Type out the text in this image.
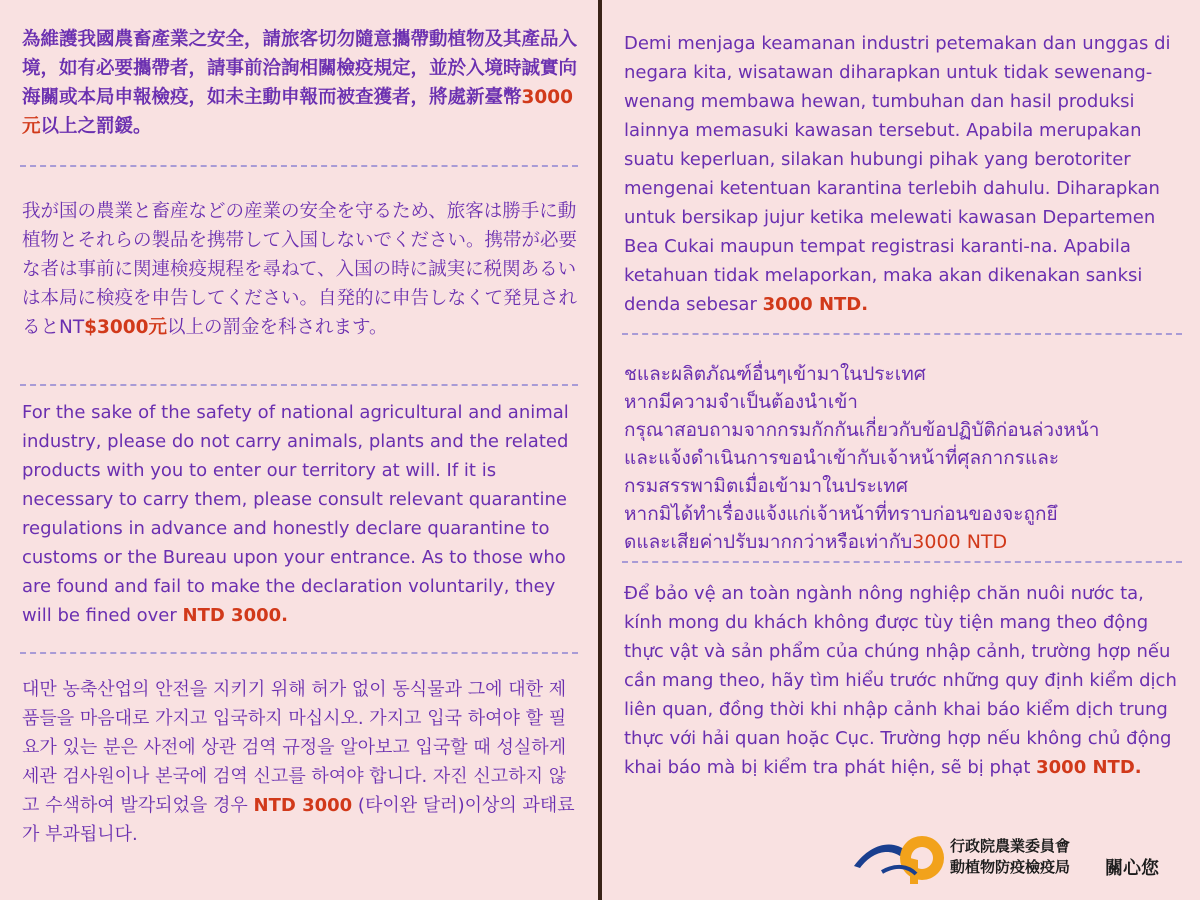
為維護我國農畜產業之安全，請旅客切勿隨意攜帶動植物及其產品入境，如有必要攜帶者，請事前洽詢相關檢疫規定，並於入境時誠實向海關或本局申報檢疫，如未主動申報而被查獲者，將處新臺幣3000元以上之罰鍰。

我が国の農業と畜産などの産業の安全を守るため、旅客は勝手に動植物とそれらの製品を携帯して入国しないでください。携帯が必要な者は事前に関連検疫規程を尋ねて、入国の時に誠実に税関あるいは本局に検疫を申告してください。自発的に申告しなくて発見されるとNT$3000元以上の罰金を科されます。

For the sake of the safety of national agricultural and animal industry, please do not carry animals, plants and the related products with you to enter our territory at will. If it is necessary to carry them, please consult relevant quarantine regulations in advance and honestly declare quarantine to customs or the Bureau upon your entrance. As to those who are found and fail to make the declaration voluntarily, they will be fined over NTD 3000.

대만 농축산업의 안전을 지키기 위해 허가 없이 동식물과 그에 대한 제품들을 마음대로 가지고 입국하지 마십시오. 가지고 입국 하여야 할 필요가 있는 분은 사전에 상관 검역 규정을 알아보고 입국할 때 성실하게 세관 검사원이나 본국에 검역 신고를 하여야 합니다. 자진 신고하지 않고 수색하여 발각되었을 경우 NTD 3000 (타이완 달러)이상의 과태료가 부과됩니다.

Demi menjaga keamanan industri petemakan dan unggas di negara kita, wisatawan diharapkan untuk tidak sewenang-wenang membawa hewan, tumbuhan dan hasil produksi lainnya memasuki kawasan tersebut. Apabila merupakan suatu keperluan, silakan hubungi pihak yang berotoriter mengenai ketentuan karantina terlebih dahulu. Diharapkan untuk bersikap jujur ketika melewati kawasan Departemen Bea Cukai maupun tempat registrasi karanti-na. Apabila ketahuan tidak melaporkan, maka akan dikenakan sanksi denda sebesar 3000 NTD.

ชและผลิตภัณฑ์อื่นๆเข้ามาในประเทศ
หากมีความจำเป็นต้องนำเข้า
กรุณาสอบถามจากกรมกักกันเกี่ยวกับข้อปฏิบัติก่อนล่วงหน้า
และแจ้งดำเนินการขอนำเข้ากับเจ้าหน้าที่ศุลกากรและ
กรมสรรพามิตเมื่อเข้ามาในประเทศ
หากมิได้ทำเรื่องแจ้งแก่เจ้าหน้าที่ทราบก่อนของจะถูกยึ
ดและเสียค่าปรับมากกว่าหรือเท่ากับ3000 NTD

Để bảo vệ an toàn ngành nông nghiệp chăn nuôi nước ta, kính mong du khách không được tùy tiện mang theo động thực vật và sản phẩm của chúng nhập cảnh, trường hợp nếu cần mang theo, hãy tìm hiểu trước những quy định kiểm dịch liên quan, đồng thời khi nhập cảnh khai báo kiểm dịch trung thực với hải quan hoặc Cục. Trường hợp nếu không chủ động khai báo mà bị kiểm tra phát hiện, sẽ bị phạt 3000 NTD.

行政院農業委員會
動植物防疫檢疫局 關心您
